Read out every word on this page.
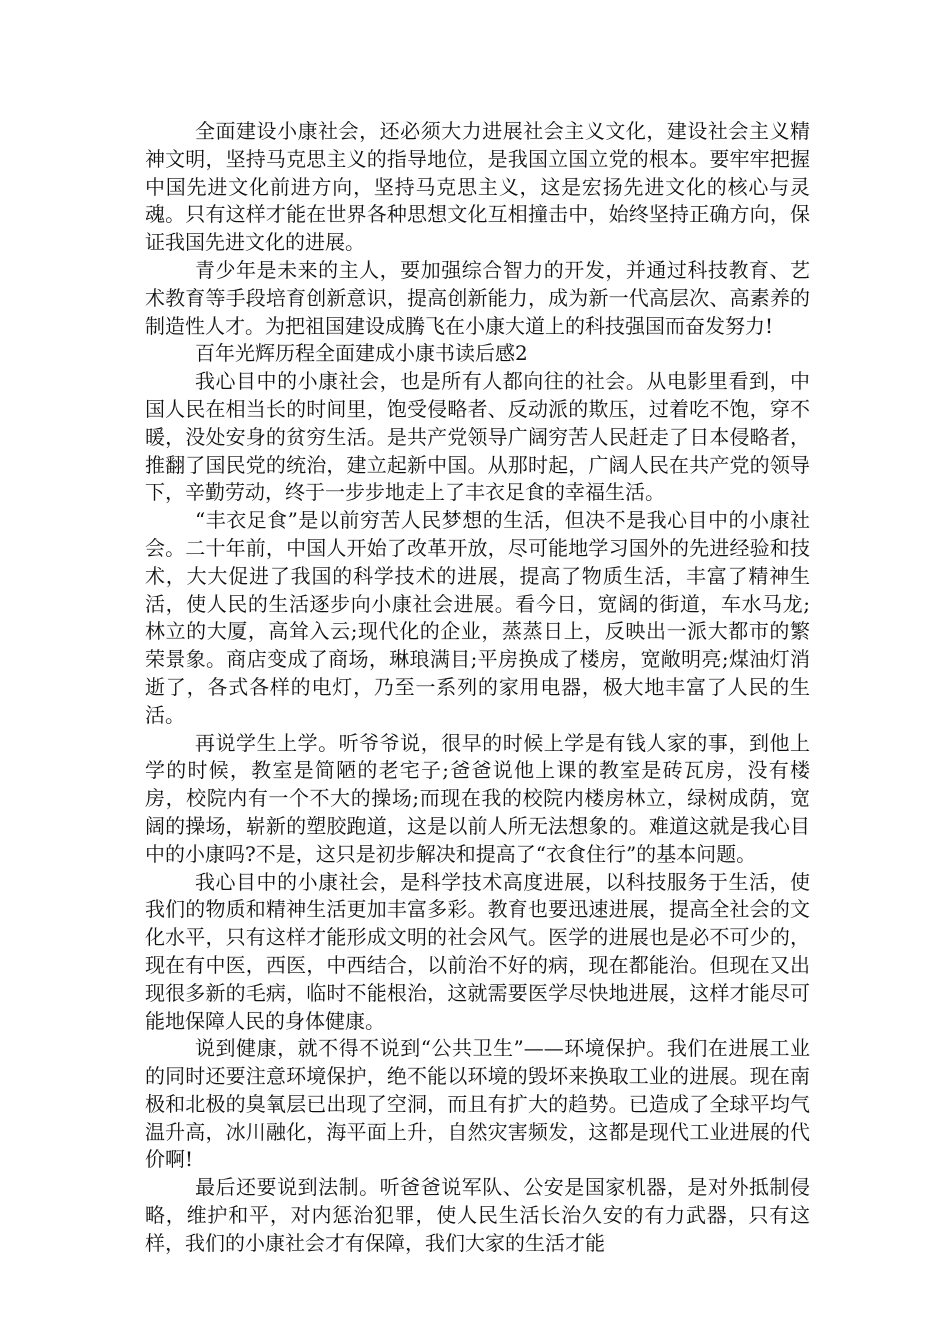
全面建设小康社会，还必须大力进展社会主义文化，建设社会主义精神文明，坚持马克思主义的指导地位，是我国立国立党的根本。要牢牢把握中国先进文化前进方向，坚持马克思主义，这是宏扬先进文化的核心与灵魂。只有这样才能在世界各种思想文化互相撞击中，始终坚持正确方向，保证我国先进文化的进展。

青少年是未来的主人，要加强综合智力的开发，并通过科技教育、艺术教育等手段培育创新意识，提高创新能力，成为新一代高层次、高素养的制造性人才。为把祖国建设成腾飞在小康大道上的科技强国而奋发努力!

百年光辉历程全面建成小康书读后感2

我心目中的小康社会，也是所有人都向往的社会。从电影里看到，中国人民在相当长的时间里，饱受侵略者、反动派的欺压，过着吃不饱，穿不暖，没处安身的贫穷生活。是共产党领导广阔穷苦人民赶走了日本侵略者，推翻了国民党的统治，建立起新中国。从那时起，广阔人民在共产党的领导下，辛勤劳动，终于一步步地走上了丰衣足食的幸福生活。

“丰衣足食”是以前穷苦人民梦想的生活，但决不是我心目中的小康社会。二十年前，中国人开始了改革开放，尽可能地学习国外的先进经验和技术，大大促进了我国的科学技术的进展，提高了物质生活，丰富了精神生活，使人民的生活逐步向小康社会进展。看今日，宽阔的街道，车水马龙;林立的大厦，高耸入云;现代化的企业，蒸蒸日上，反映出一派大都市的繁荣景象。商店变成了商场，琳琅满目;平房换成了楼房，宽敞明亮;煤油灯消逝了，各式各样的电灯，乃至一系列的家用电器，极大地丰富了人民的生活。

再说学生上学。听爷爷说，很早的时候上学是有钱人家的事，到他上学的时候，教室是简陋的老宅子;爸爸说他上课的教室是砖瓦房，没有楼房，校院内有一个不大的操场;而现在我的校院内楼房林立，绿树成荫，宽阔的操场，崭新的塑胶跑道，这是以前人所无法想象的。难道这就是我心目中的小康吗?不是，这只是初步解决和提高了“衣食住行”的基本问题。

我心目中的小康社会，是科学技术高度进展，以科技服务于生活，使我们的物质和精神生活更加丰富多彩。教育也要迅速进展，提高全社会的文化水平，只有这样才能形成文明的社会风气。医学的进展也是必不可少的，现在有中医，西医，中西结合，以前治不好的病，现在都能治。但现在又出现很多新的毛病，临时不能根治，这就需要医学尽快地进展，这样才能尽可能地保障人民的身体健康。

说到健康，就不得不说到“公共卫生”——环境保护。我们在进展工业的同时还要注意环境保护，绝不能以环境的毁坏来换取工业的进展。现在南极和北极的臭氧层已出现了空洞，而且有扩大的趋势。已造成了全球平均气温升高，冰川融化，海平面上升，自然灾害频发，这都是现代工业进展的代价啊!

最后还要说到法制。听爸爸说军队、公安是国家机器，是对外抵制侵略，维护和平，对内惩治犯罪，使人民生活长治久安的有力武器，只有这样，我们的小康社会才有保障，我们大家的生活才能
